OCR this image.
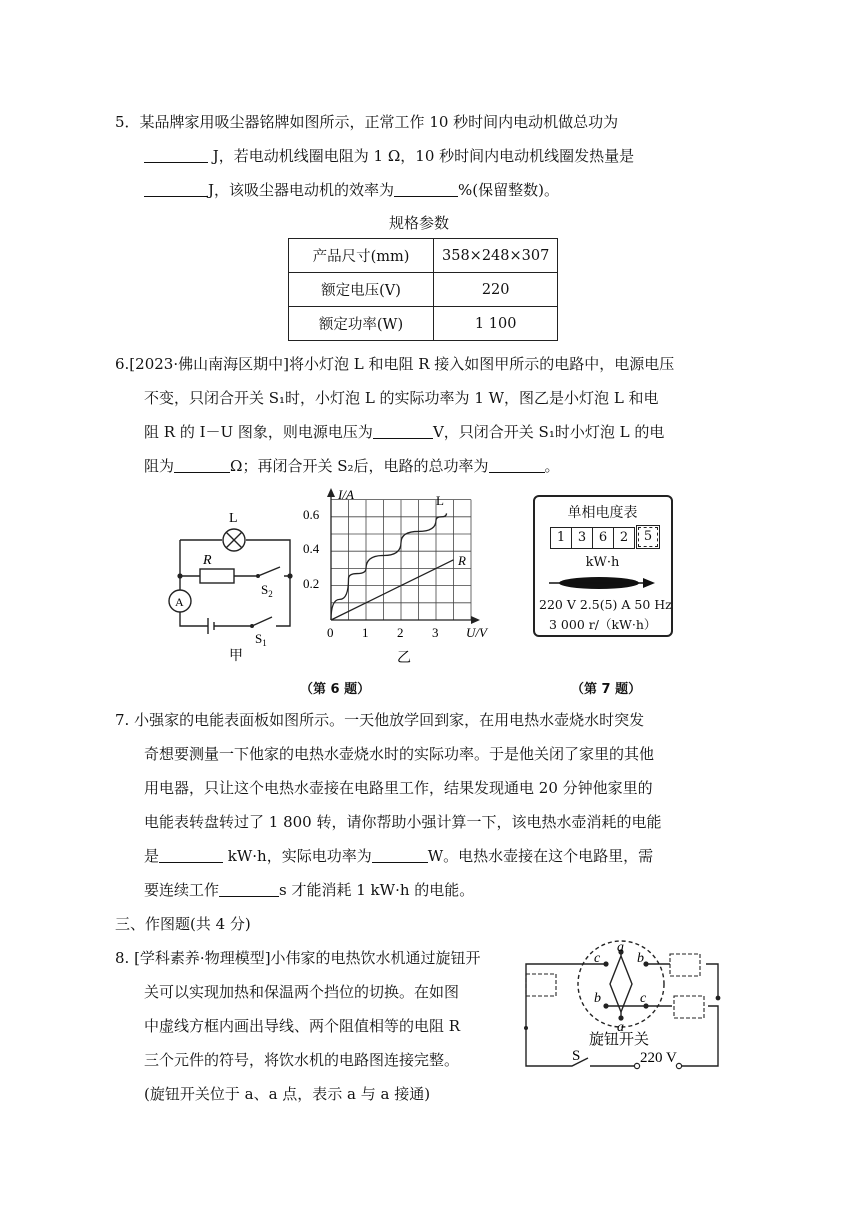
5．某品牌家用吸尘器铭牌如图所示，正常工作 10 秒时间内电动机做总功为
J，若电动机线圈电阻为 1 Ω，10 秒时间内电动机线圈发热量是
J，该吸尘器电动机的效率为	%(保留整数)。
规格参数
产品尺寸(mm)	358×248×307
额定电压(V)	220
额定功率(W)	1 100
6.[2023·佛山南海区期中]将小灯泡 L 和电阻 R 接入如图甲所示的电路中，电源电压
不变，只闭合开关 S₁时，小灯泡 L 的实际功率为 1 W，图乙是小灯泡 L 和电
阻 R 的 I－U 图象，则电源电压为	V，只闭合开关 S₁时小灯泡 L 的电
阻为	Ω；再闭合开关 S₂后，电路的总功率为	。
L
R
A
$S_2$
$S_1$
甲
I/A
U/V
0.6
0.4
0.2
0 1 2 3
L
R
乙
单相电度表
1 3 6 2	5
kW·h
220 V 2.5(5) A 50 Hz
3 000 r/（kW·h）
（第 6 题）	（第 7 题）
7. 小强家的电能表面板如图所示。一天他放学回到家，在用电热水壶烧水时突发
奇想要测量一下他家的电热水壶烧水时的实际功率。于是他关闭了家里的其他
用电器，只让这个电热水壶接在电路里工作，结果发现通电 20 分钟他家里的
电能表转盘转过了 1 800 转，请你帮助小强计算一下，该电热水壶消耗的电能
是	kW·h，实际电功率为	W。电热水壶接在这个电路里，需
要连续工作	s 才能消耗 1 kW·h 的电能。
三、作图题(共 4 分)
8. [学科素养·物理模型]小伟家的电热饮水机通过旋钮开
关可以实现加热和保温两个挡位的切换。在如图
中虚线方框内画出导线、两个阻值相等的电阻 R
三个元件的符号，将饮水机的电路图连接完整。
(旋钮开关位于 a、a 点，表示 a 与 a 接通)
a
a
c	b
b	c
旋钮开关
S	220 V
